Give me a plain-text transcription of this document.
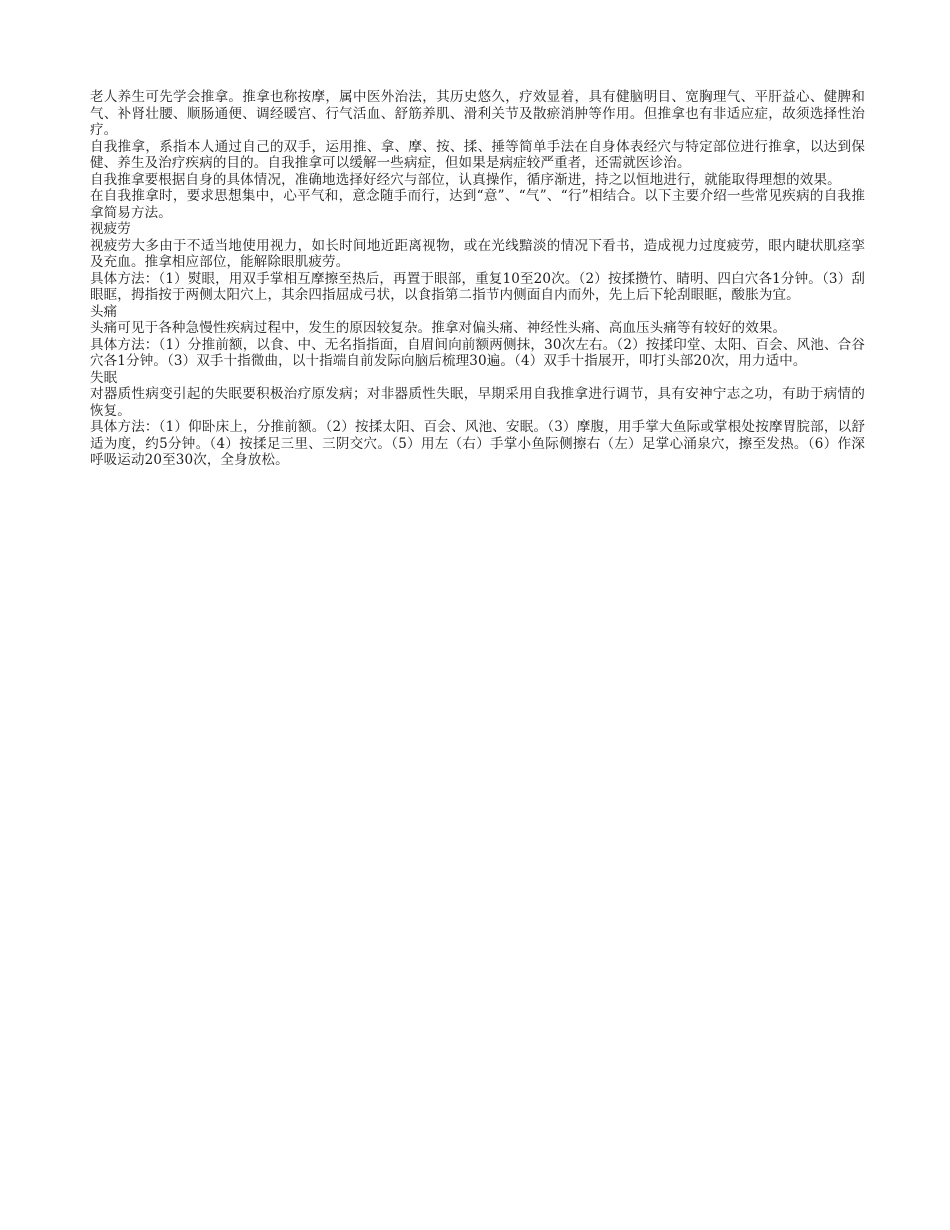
老人养生可先学会推拿。推拿也称按摩，属中医外治法，其历史悠久，疗效显着，具有健脑明目、宽胸理气、平肝益心、健脾和气、补肾壮腰、顺肠通便、调经暖宫、行气活血、舒筋养肌、滑利关节及散瘀消肿等作用。但推拿也有非适应症，故须选择性治疗。

自我推拿，系指本人通过自己的双手，运用推、拿、摩、按、揉、捶等简单手法在自身体表经穴与特定部位进行推拿，以达到保健、养生及治疗疾病的目的。自我推拿可以缓解一些病症，但如果是病症较严重者，还需就医诊治。

自我推拿要根据自身的具体情况，准确地选择好经穴与部位，认真操作，循序渐进，持之以恒地进行，就能取得理想的效果。

在自我推拿时，要求思想集中，心平气和，意念随手而行，达到“意”、“气”、“行”相结合。以下主要介绍一些常见疾病的自我推拿简易方法。

视疲劳

视疲劳大多由于不适当地使用视力，如长时间地近距离视物，或在光线黯淡的情况下看书，造成视力过度疲劳，眼内睫状肌痉挛及充血。推拿相应部位，能解除眼肌疲劳。

具体方法：（1）熨眼，用双手掌相互摩擦至热后，再置于眼部，重复10至20次。（2）按揉攒竹、睛明、四白穴各1分钟。（3）刮眼眶，拇指按于两侧太阳穴上，其余四指屈成弓状，以食指第二指节内侧面自内而外，先上后下轮刮眼眶，酸胀为宜。

头痛

头痛可见于各种急慢性疾病过程中，发生的原因较复杂。推拿对偏头痛、神经性头痛、高血压头痛等有较好的效果。

具体方法：（1）分推前额，以食、中、无名指指面，自眉间向前额两侧抹，30次左右。（2）按揉印堂、太阳、百会、风池、合谷穴各1分钟。（3）双手十指微曲，以十指端自前发际向脑后梳理30遍。（4）双手十指展开，叩打头部20次，用力适中。

失眠

对器质性病变引起的失眠要积极治疗原发病；对非器质性失眠，早期采用自我推拿进行调节，具有安神宁志之功，有助于病情的恢复。

具体方法：（1）仰卧床上，分推前额。（2）按揉太阳、百会、风池、安眠。（3）摩腹，用手掌大鱼际或掌根处按摩胃脘部，以舒适为度，约5分钟。（4）按揉足三里、三阴交穴。（5）用左（右）手掌小鱼际侧擦右（左）足掌心涌泉穴，擦至发热。（6）作深呼吸运动20至30次，全身放松。
